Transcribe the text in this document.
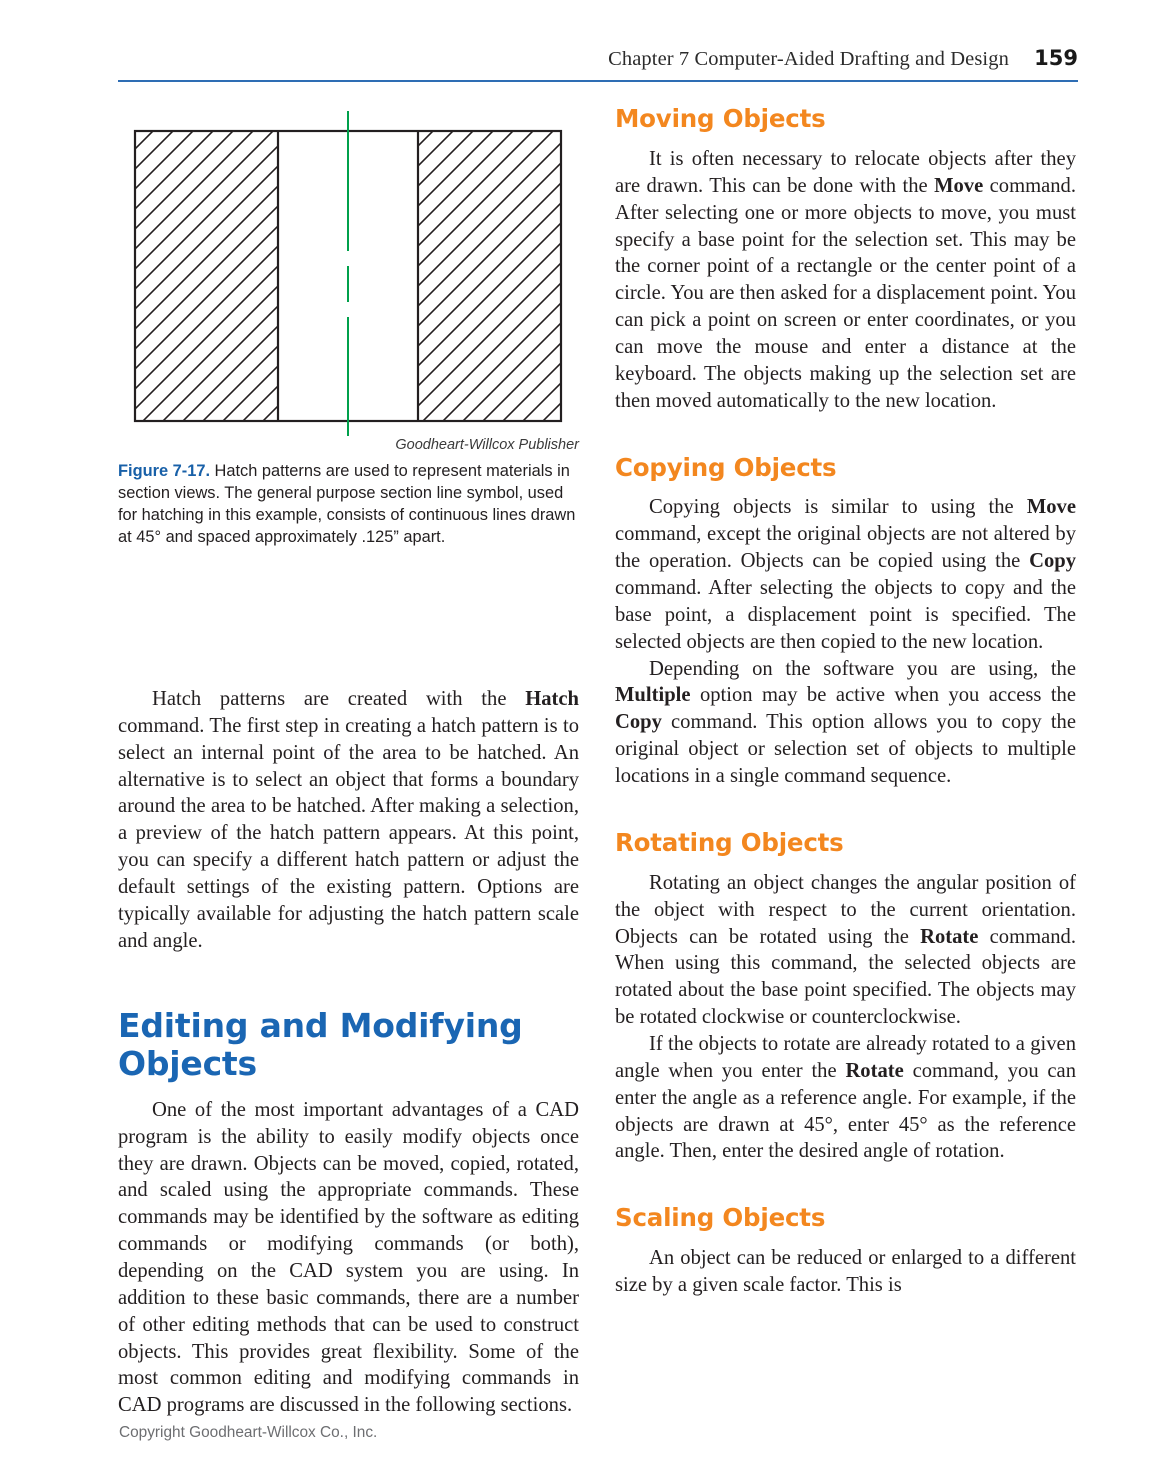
Chapter 7 Computer-Aided Drafting and Design 159
Goodheart-Willcox Publisher
Figure 7-17. Hatch patterns are used to represent materials in section views. The general purpose section line symbol, used for hatching in this example, consists of continuous lines drawn at 45° and spaced approximately .125” apart.

Hatch patterns are created with the Hatch command. The first step in creating a hatch pattern is to select an internal point of the area to be hatched. An alternative is to select an object that forms a boundary around the area to be hatched. After making a selection, a preview of the hatch pattern appears. At this point, you can specify a different hatch pattern or adjust the default settings of the existing pattern. Options are typically available for adjusting the hatch pattern scale and angle.

Editing and Modifying Objects

One of the most important advantages of a CAD program is the ability to easily modify objects once they are drawn. Objects can be moved, copied, rotated, and scaled using the appropriate commands. These commands may be identified by the software as editing commands or modifying commands (or both), depending on the CAD system you are using. In addition to these basic commands, there are a number of other editing methods that can be used to construct objects. This provides great flexibility. Some of the most common editing and modifying commands in CAD programs are discussed in the following sections.

Moving Objects

It is often necessary to relocate objects after they are drawn. This can be done with the Move command. After selecting one or more objects to move, you must specify a base point for the selection set. This may be the corner point of a rectangle or the center point of a circle. You are then asked for a displacement point. You can pick a point on screen or enter coordinates, or you can move the mouse and enter a distance at the keyboard. The objects making up the selection set are then moved automatically to the new location.

Copying Objects

Copying objects is similar to using the Move command, except the original objects are not altered by the operation. Objects can be copied using the Copy command. After selecting the objects to copy and the base point, a displacement point is specified. The selected objects are then copied to the new location.

Depending on the software you are using, the Multiple option may be active when you access the Copy command. This option allows you to copy the original object or selection set of objects to multiple locations in a single command sequence.

Rotating Objects

Rotating an object changes the angular position of the object with respect to the current orientation. Objects can be rotated using the Rotate command. When using this command, the selected objects are rotated about the base point specified. The objects may be rotated clockwise or counterclockwise.

If the objects to rotate are already rotated to a given angle when you enter the Rotate command, you can enter the angle as a reference angle. For example, if the objects are drawn at 45°, enter 45° as the reference angle. Then, enter the desired angle of rotation.

Scaling Objects

An object can be reduced or enlarged to a different size by a given scale factor. This is

Copyright Goodheart-Willcox Co., Inc.
